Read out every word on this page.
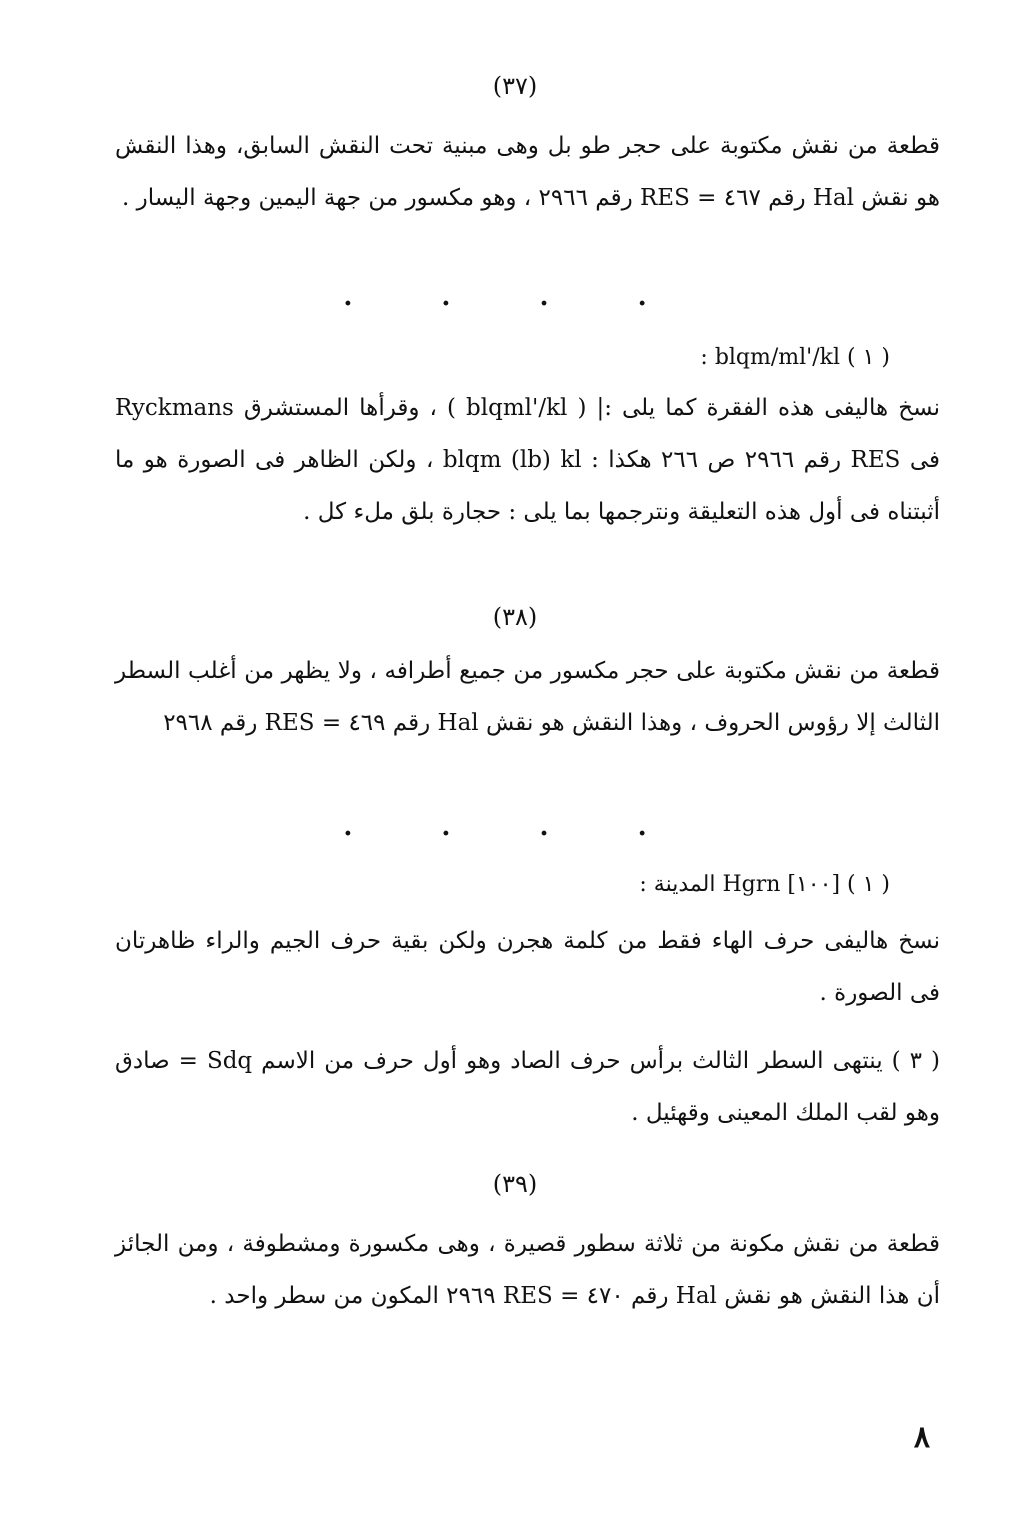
(٣٧)
قطعة من نقش مكتوبة على حجر طو بل وهى مبنية تحت النقش السابق، وهذا النقش هو نقش Hal رقم ٤٦٧ = RES رقم ٢٩٦٦ ، وهو مكسور من جهة اليمين وجهة اليسار .
. . . .
( ١ ) blqm/ml'/kl :
نسخ هاليفى هذه الفقرة كما يلى :| ( blqml'/kl ) ، وقرأها المستشرق Ryckmans فى RES رقم ٢٩٦٦ ص ٢٦٦ هكذا : blqm (lb) kl ، ولكن الظاهر فى الصورة هو ما أثبتناه فى أول هذه التعليقة ونترجمها بما يلى : حجارة بلق ملء كل .
(٣٨)
قطعة من نقش مكتوبة على حجر مكسور من جميع أطرافه ، ولا يظهر من أغلب السطر الثالث إلا رؤوس الحروف ، وهذا النقش هو نقش Hal رقم ٤٦٩ = RES رقم ٢٩٦٨
. . . .
( ١ ) [١٠٠] Hgrn المدينة :
نسخ هاليفى حرف الهاء فقط من كلمة هجرن ولكن بقية حرف الجيم والراء ظاهرتان فى الصورة .
( ٣ ) ينتهى السطر الثالث برأس حرف الصاد وهو أول حرف من الاسم Sdq = صادق وهو لقب الملك المعينى وقهئيل .
(٣٩)
قطعة من نقش مكونة من ثلاثة سطور قصيرة ، وهى مكسورة ومشطوفة ، ومن الجائز أن هذا النقش هو نقش Hal رقم ٤٧٠ = RES ٢٩٦٩ المكون من سطر واحد .
٨
